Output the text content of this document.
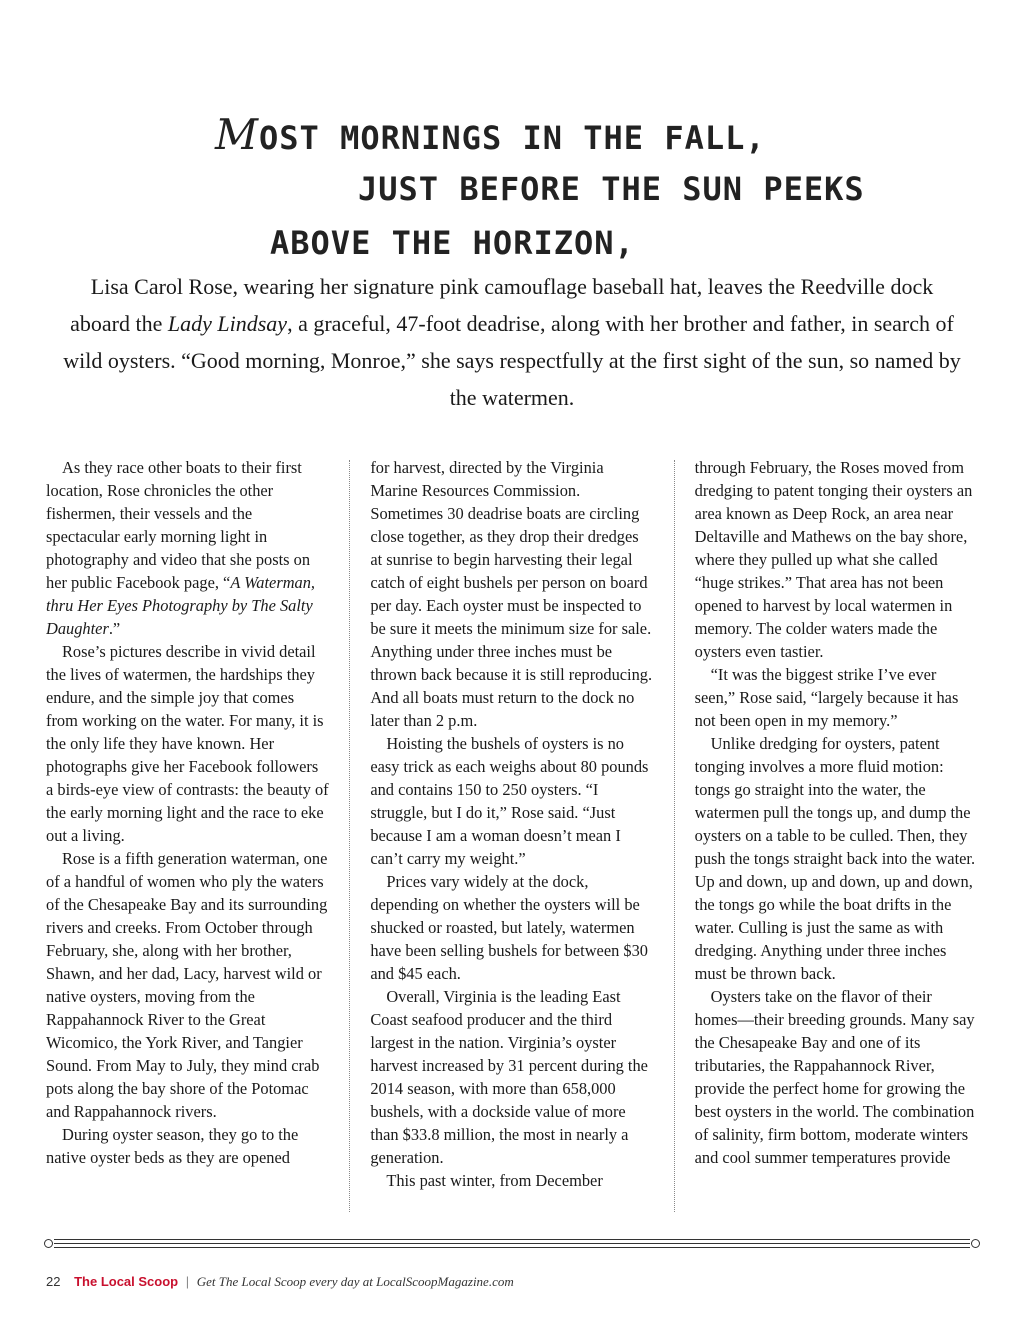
MOST MORNINGS IN THE FALL,
JUST BEFORE THE SUN PEEKS
ABOVE THE HORIZON,
Lisa Carol Rose, wearing her signature pink camouflage baseball hat, leaves the Reedville dock aboard the Lady Lindsay, a graceful, 47-foot deadrise, along with her brother and father, in search of wild oysters. “Good morning, Monroe,” she says respectfully at the first sight of the sun, so named by the watermen.

As they race other boats to their first location, Rose chronicles the other fishermen, their vessels and the spectacular early morning light in photography and video that she posts on her public Facebook page, “A Waterman, thru Her Eyes Photography by The Salty Daughter.”

Rose’s pictures describe in vivid detail the lives of watermen, the hardships they endure, and the simple joy that comes from working on the water. For many, it is the only life they have known. Her photographs give her Facebook followers a birds-eye view of contrasts: the beauty of the early morning light and the race to eke out a living.

Rose is a fifth generation waterman, one of a handful of women who ply the waters of the Chesapeake Bay and its surrounding rivers and creeks. From October through February, she, along with her brother, Shawn, and her dad, Lacy, harvest wild or native oysters, moving from the Rappahannock River to the Great Wicomico, the York River, and Tangier Sound. From May to July, they mind crab pots along the bay shore of the Potomac and Rappahannock rivers.

During oyster season, they go to the native oyster beds as they are opened

for harvest, directed by the Virginia Marine Resources Commission. Sometimes 30 deadrise boats are circling close together, as they drop their dredges at sunrise to begin harvesting their legal catch of eight bushels per person on board per day. Each oyster must be inspected to be sure it meets the minimum size for sale. Anything under three inches must be thrown back because it is still reproducing. And all boats must return to the dock no later than 2 p.m.

Hoisting the bushels of oysters is no easy trick as each weighs about 80 pounds and contains 150 to 250 oysters. “I struggle, but I do it,” Rose said. “Just because I am a woman doesn’t mean I can’t carry my weight.”

Prices vary widely at the dock, depending on whether the oysters will be shucked or roasted, but lately, watermen have been selling bushels for between $30 and $45 each.

Overall, Virginia is the leading East Coast seafood producer and the third largest in the nation. Virginia’s oyster harvest increased by 31 percent during the 2014 season, with more than 658,000 bushels, with a dockside value of more than $33.8 million, the most in nearly a generation.

This past winter, from December

through February, the Roses moved from dredging to patent tonging their oysters an area known as Deep Rock, an area near Deltaville and Mathews on the bay shore, where they pulled up what she called “huge strikes.” That area has not been opened to harvest by local watermen in memory. The colder waters made the oysters even tastier.

“It was the biggest strike I’ve ever seen,” Rose said, “largely because it has not been open in my memory.”

Unlike dredging for oysters, patent tonging involves a more fluid motion: tongs go straight into the water, the watermen pull the tongs up, and dump the oysters on a table to be culled. Then, they push the tongs straight back into the water. Up and down, up and down, up and down, the tongs go while the boat drifts in the water. Culling is just the same as with dredging. Anything under three inches must be thrown back.

Oysters take on the flavor of their homes—their breeding grounds. Many say the Chesapeake Bay and one of its tributaries, the Rappahannock River, provide the perfect home for growing the best oysters in the world. The combination of salinity, firm bottom, moderate winters and cool summer temperatures provide

22 The Local Scoop | Get The Local Scoop every day at LocalScoopMagazine.com
